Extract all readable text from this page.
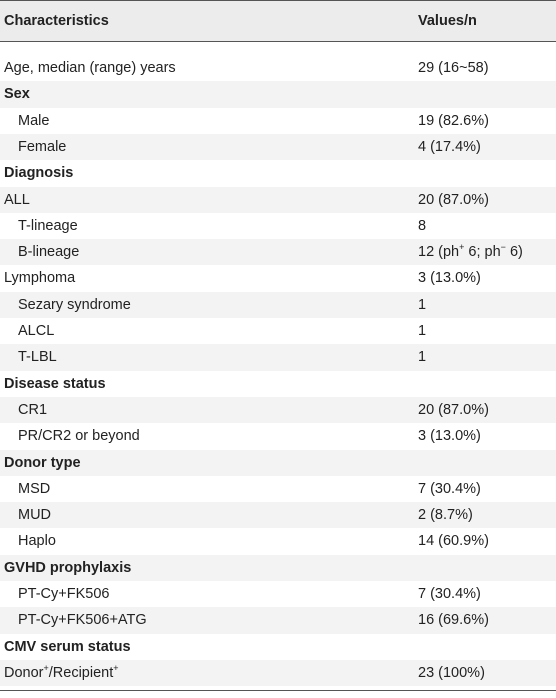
Characteristics	Values/n
Age, median (range) years	29 (16~58)
Sex
Male	19 (82.6%)
Female	4 (17.4%)
Diagnosis
ALL	20 (87.0%)
T-lineage	8
B-lineage	12 (ph+ 6; ph− 6)
Lymphoma	3 (13.0%)
Sezary syndrome	1
ALCL	1
T-LBL	1
Disease status
CR1	20 (87.0%)
PR/CR2 or beyond	3 (13.0%)
Donor type
MSD	7 (30.4%)
MUD	2 (8.7%)
Haplo	14 (60.9%)
GVHD prophylaxis
PT-Cy+FK506	7 (30.4%)
PT-Cy+FK506+ATG	16 (69.6%)
CMV serum status
Donor+/Recipient+	23 (100%)
